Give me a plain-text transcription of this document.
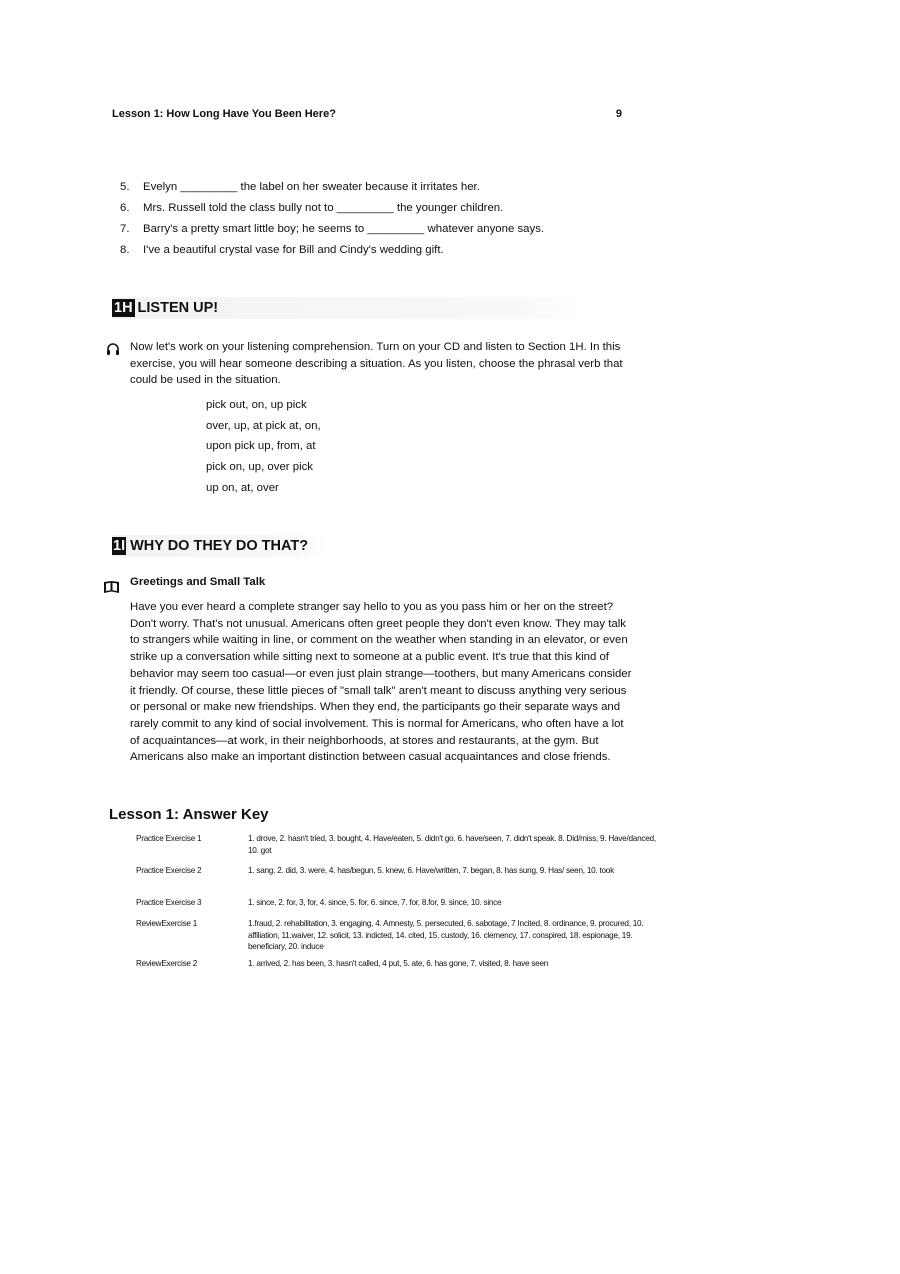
Lesson 1: How Long Have You Been Here?	9
5.	Evelyn _________ the label on her sweater because it irritates her.
6.	Mrs. Russell told the class bully not to _________ the younger children.
7.	Barry's a pretty smart little boy; he seems to _________ whatever anyone says.
8.	I've a beautiful crystal vase for Bill and Cindy's wedding gift.
1H LISTEN UP!
Now let's work on your listening comprehension. Turn on your CD and listen to Section 1H. In this exercise, you will hear someone describing a situation. As you listen, choose the phrasal verb that could be used in the situation.
pick out, on, up pick
over, up, at pick at, on,
upon pick up, from, at
pick on, up, over pick
up on, at, over
1I WHY DO THEY DO THAT?
Greetings and Small Talk
Have you ever heard a complete stranger say hello to you as you pass him or her on the street? Don't worry. That's not unusual. Americans often greet people they don't even know. They may talk to strangers while waiting in line, or comment on the weather when standing in an elevator, or even strike up a conversation while sitting next to someone at a public event. It's true that this kind of behavior may seem too casual—or even just plain strange—toothers, but many Americans consider it friendly. Of course, these little pieces of "small talk" aren't meant to discuss anything very serious or personal or make new friendships. When they end, the participants go their separate ways and rarely commit to any kind of social involvement. This is normal for Americans, who often have a lot of acquaintances—at work, in their neighborhoods, at stores and restaurants, at the gym. But Americans also make an important distinction between casual acquaintances and close friends.
Lesson 1: Answer Key
Practice Exercise 1	1. drove, 2. hasn't tried, 3. bought, 4. Have/eaten, 5. didn't go. 6. have/seen, 7. didn't speak. 8. Did/miss, 9. Have/danced, 10. got
Practice Exercise 2	1. sang. 2. did, 3. were, 4. has/begun, 5. knew, 6. Have/written, 7. began, 8. has sung, 9. Has/ seen, 10. took
Practice Exercise 3	1. since, 2. for, 3, for, 4. since, 5. for, 6. since, 7. for, 8.for, 9. since, 10. since
ReviewExercise 1	1.fraud, 2. rehabilitation, 3. engaging, 4. Amnesty, 5. persecuted, 6. sabotage, 7 Incited, 8. ordinance, 9. procured, 10. affiliation, 11.waiver, 12. solicit, 13. indicted, 14. cited, 15. custody, 16. clemency, 17. conspired, 18. espionage, 19. beneficiary, 20. induce
ReviewExercise 2	1. arrived, 2. has been, 3. hasn't called, 4 put, 5. ate, 6. has gone, 7. visited, 8. have seen
